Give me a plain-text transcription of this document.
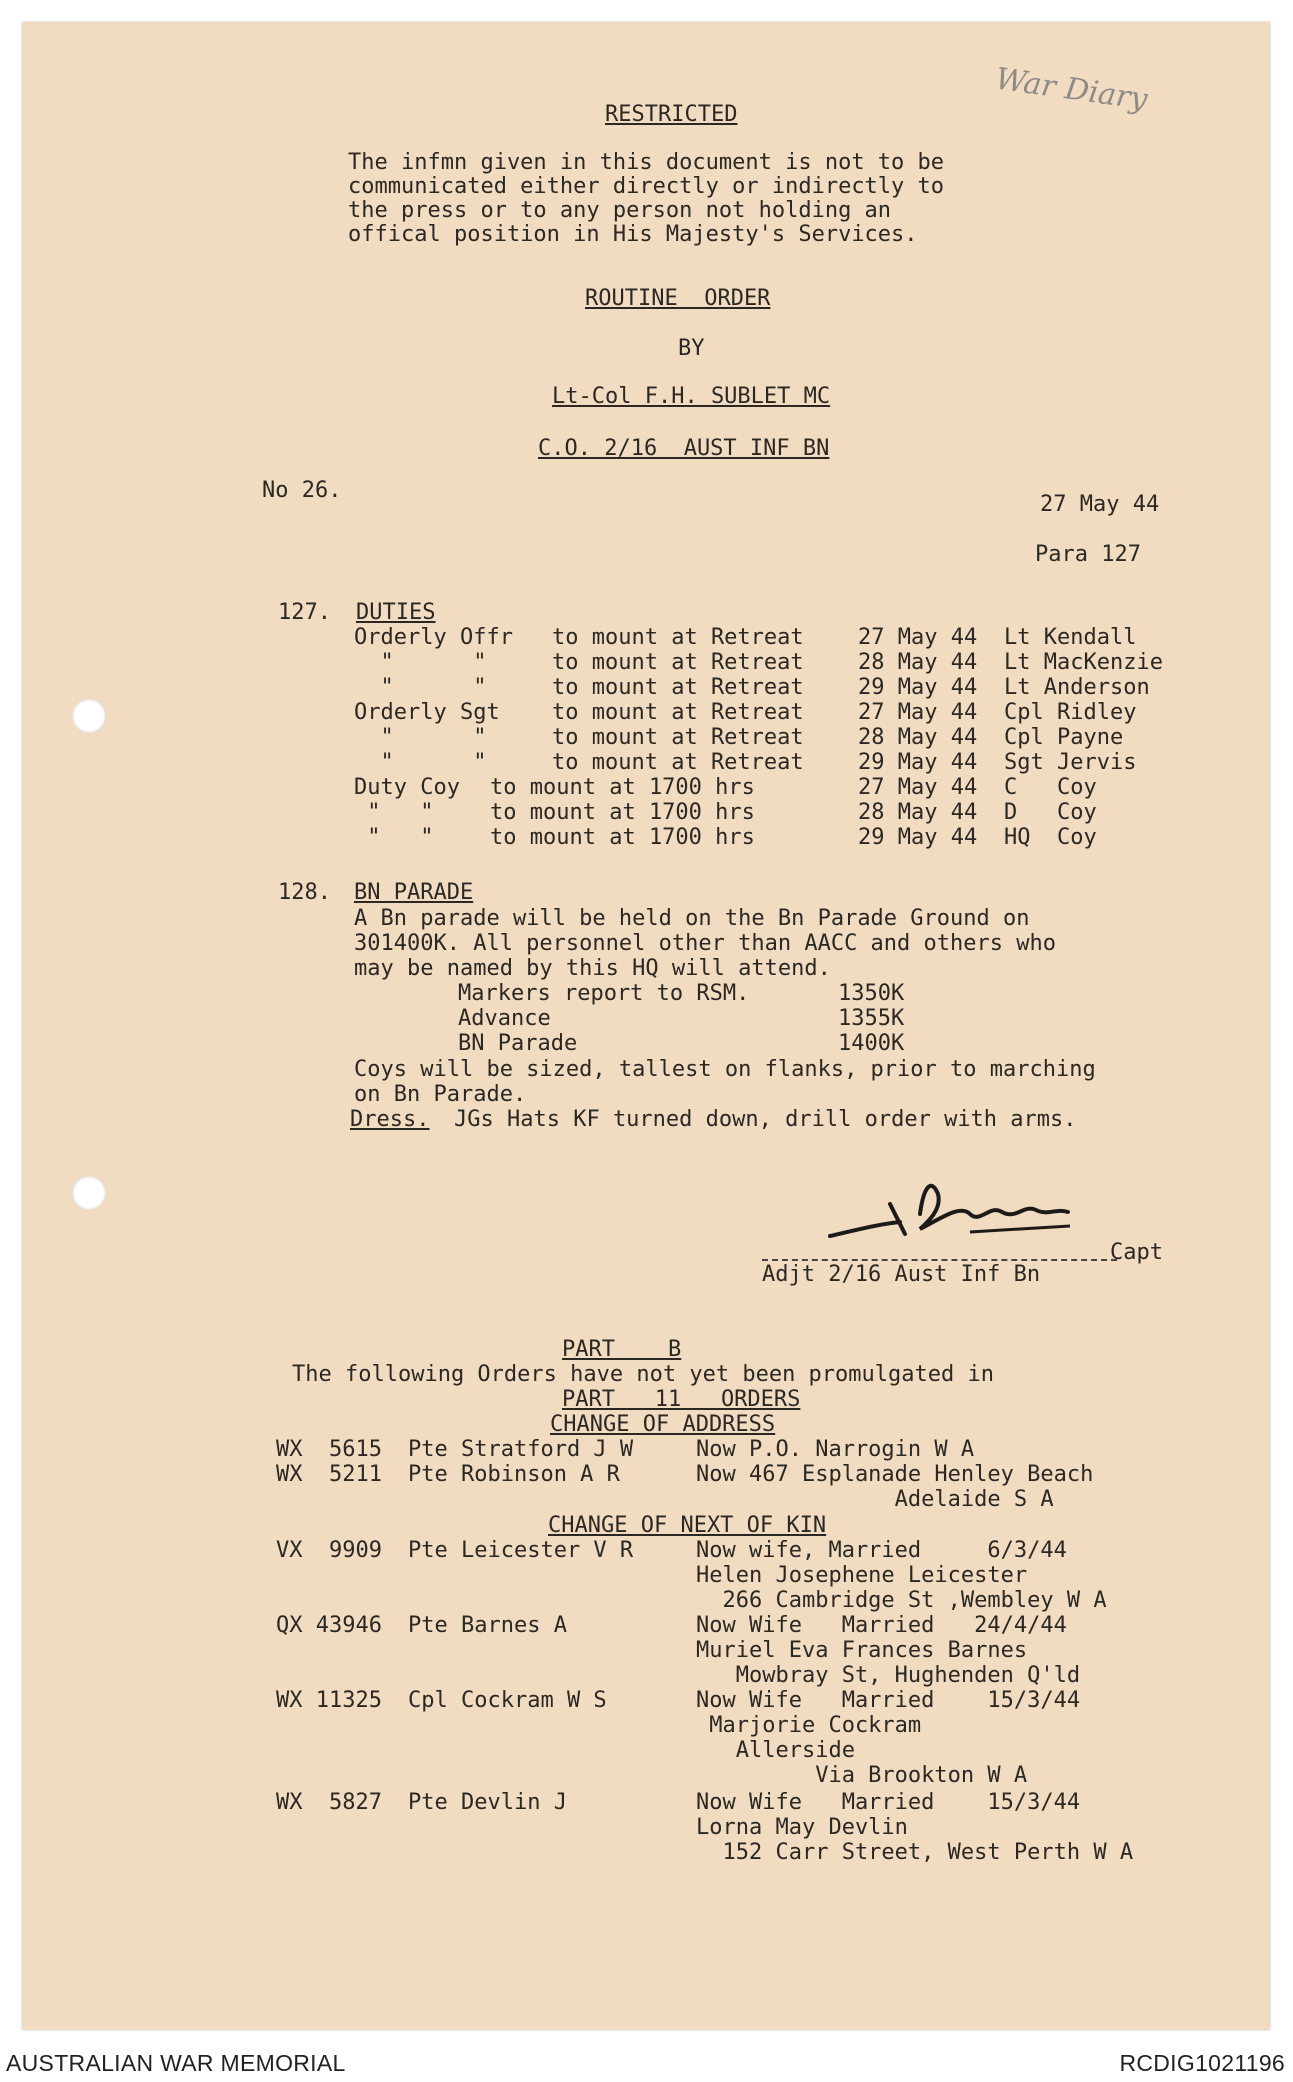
War Diary

RESTRICTED

The infmn given in this document is not to be

communicated either directly or indirectly to

the press or to any person not holding an

offical position in His Majesty's Services.

ROUTINE  ORDER

BY

Lt-Col F.H. SUBLET MC

C.O. 2/16  AUST INF BN

No 26.

27 May 44

Para 127

127. DUTIES

Orderly Offr to mount at Retreat 27 May 44 Lt Kendall

"      "	to mount at Retreat 28 May 44 Lt MacKenzie

"      "	to mount at Retreat 29 May 44 Lt Anderson

Orderly Sgt to mount at Retreat 27 May 44 Cpl Ridley

"      "	to mount at Retreat 28 May 44 Cpl Payne

"      "	to mount at Retreat 29 May 44 Sgt Jervis

Duty Coy to mount at 1700 hrs	27 May 44 C   Coy

"   "	to mount at 1700 hrs	28 May 44 D   Coy

"   "	to mount at 1700 hrs	29 May 44 HQ  Coy

128. BN PARADE

A Bn parade will be held on the Bn Parade Ground on

301400K. All personnel other than AACC and others who

may be named by this HQ will attend.

Markers report to RSM.	1350K

Advance	1355K

BN Parade	1400K

Coys will be sized, tallest on flanks, prior to marching

on Bn Parade.

Dress. JGs Hats KF turned down, drill order with arms.

Capt

Adjt 2/16 Aust Inf Bn

PART    B

The following Orders have not yet been promulgated in

PART   11   ORDERS

CHANGE OF ADDRESS

WX  5615 Pte Stratford J W	Now P.O. Narrogin W A

WX  5211 Pte Robinson A R	Now 467 Esplanade Henley Beach

Adelaide S A

CHANGE OF NEXT OF KIN

VX  9909 Pte Leicester V R	Now wife, Married     6/3/44

Helen Josephene Leicester

266 Cambridge St ,Wembley W A

QX 43946 Pte Barnes A	Now Wife   Married   24/4/44

Muriel Eva Frances Barnes

Mowbray St, Hughenden Q'ld

WX 11325 Cpl Cockram W S	Now Wife   Married    15/3/44

Marjorie Cockram

Allerside

Via Brookton W A

WX  5827 Pte Devlin J	Now Wife   Married    15/3/44

Lorna May Devlin

152 Carr Street, West Perth W A

AUSTRALIAN WAR MEMORIAL	RCDIG1021196
